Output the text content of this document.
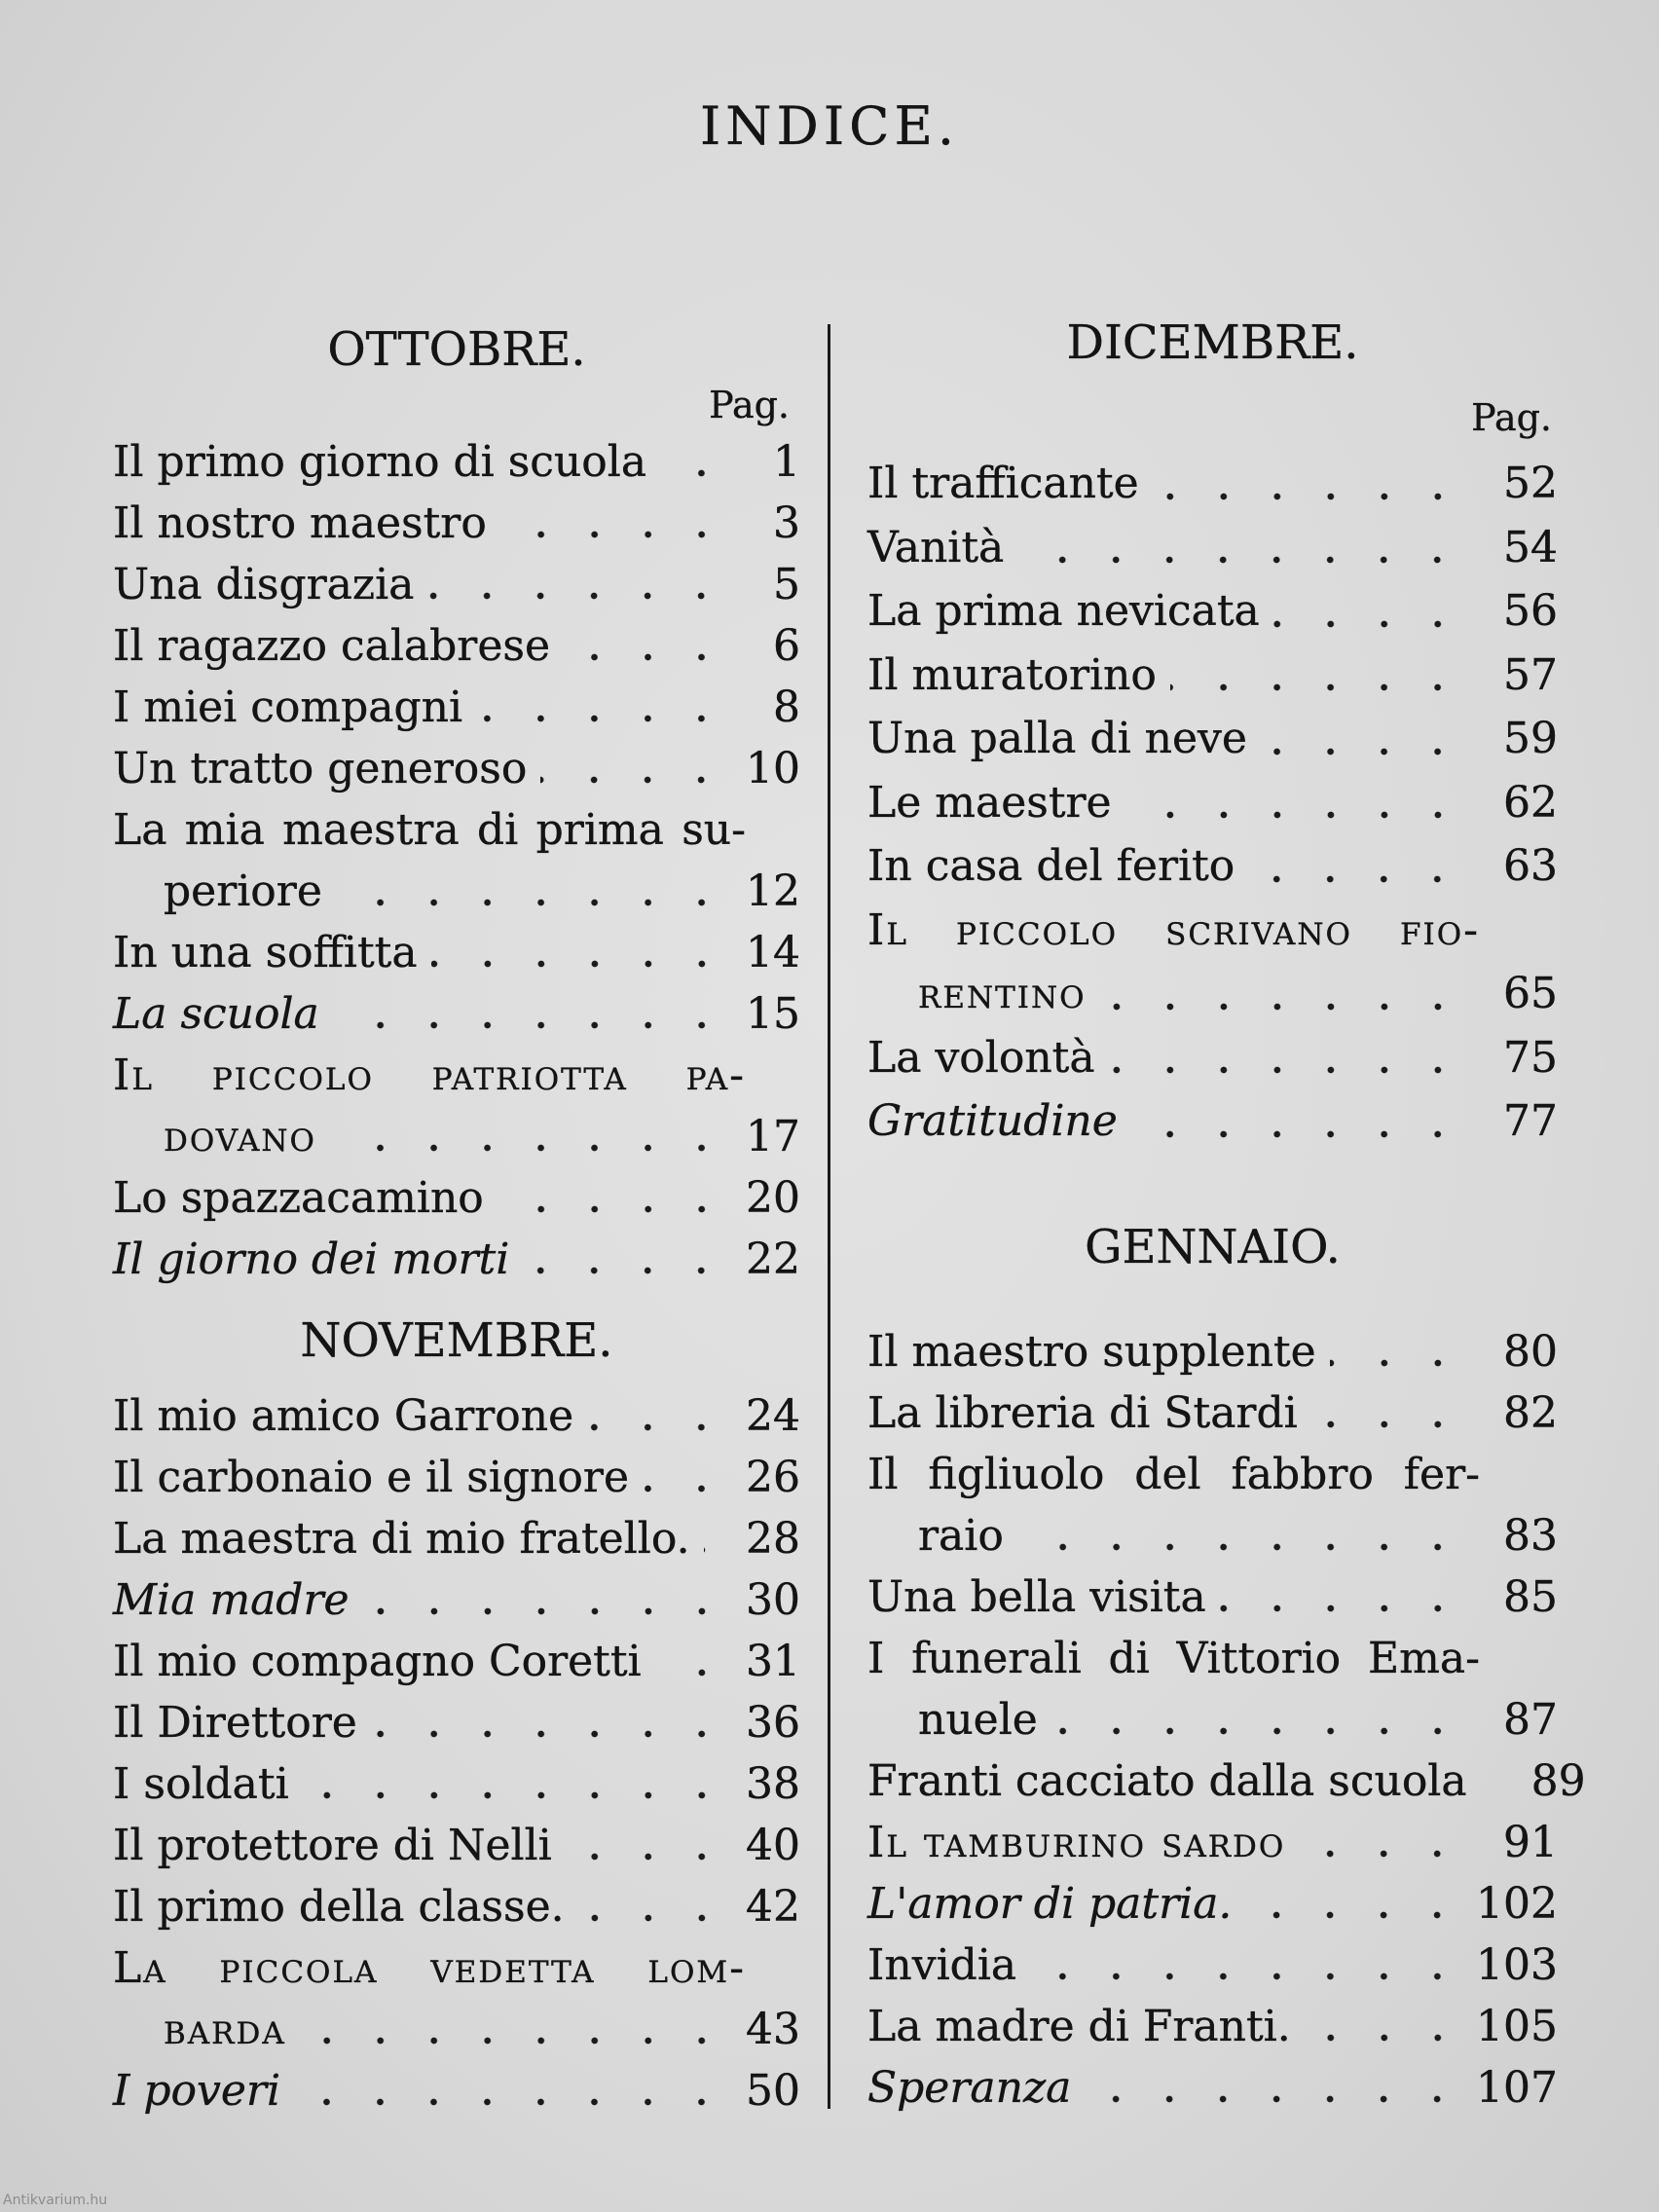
INDICE.
OTTOBRE.
Pag.
Il primo giorno di scuola	1
Il nostro maestro	3
Una disgrazia	5
Il ragazzo calabrese	6
I miei compagni	8
Un tratto generoso	10
La mia maestra di prima su-
periore	12
In una soffitta	14
La scuola	15
Il piccolo patriotta pa-
dovano	17
Lo spazzacamino	20
Il giorno dei morti	22
NOVEMBRE.
Il mio amico Garrone	24
Il carbonaio e il signore	26
La maestra di mio fratello.	28
Mia madre	30
Il mio compagno Coretti	31
Il Direttore	36
I soldati	38
Il protettore di Nelli	40
Il primo della classe.	42
La piccola vedetta lom-
barda	43
I poveri	50
DICEMBRE.
Pag.
Il trafficante	52
Vanità	54
La prima nevicata	56
Il muratorino	57
Una palla di neve	59
Le maestre	62
In casa del ferito	63
Il piccolo scrivano fio-
rentino	65
La volontà	75
Gratitudine	77
GENNAIO.
Il maestro supplente	80
La libreria di Stardi	82
Il figliuolo del fabbro fer-
raio	83
Una bella visita	85
I funerali di Vittorio Ema-
nuele	87
Franti cacciato dalla scuola	89
Il tamburino sardo	91
L'amor di patria.	102
Invidia	103
La madre di Franti.	105
Speranza	107
Antikvarium.hu
